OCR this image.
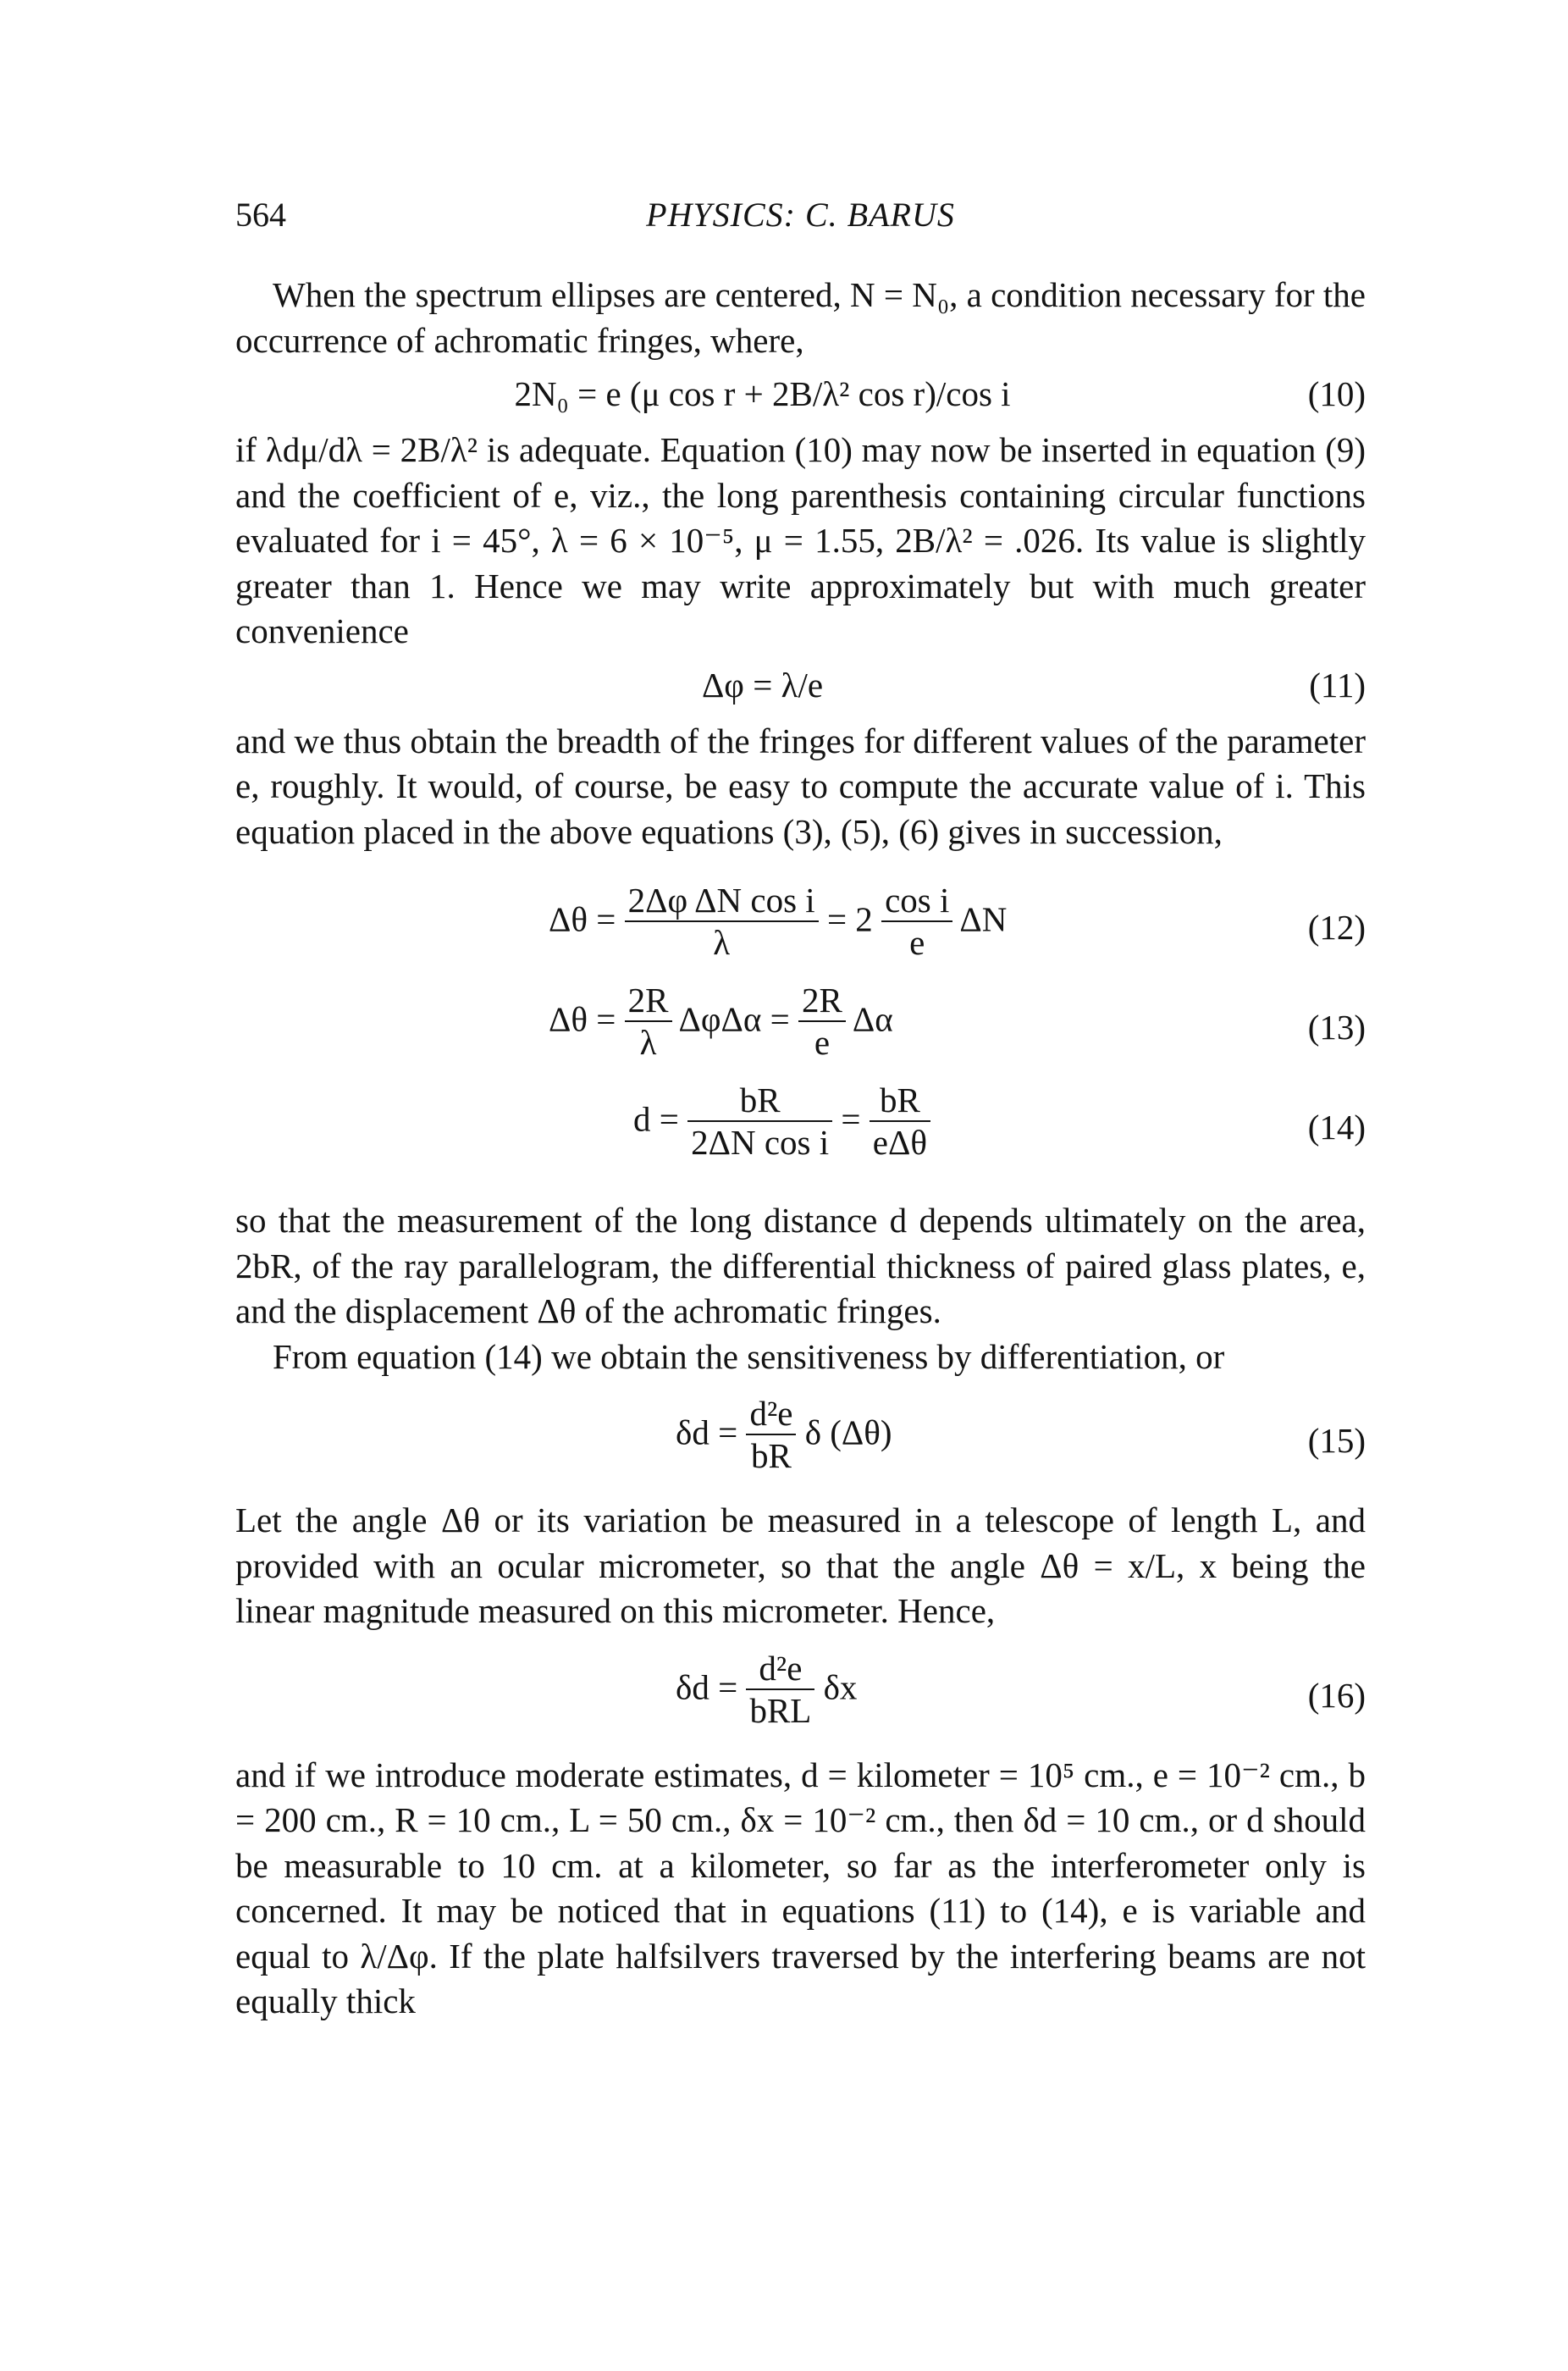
564	PHYSICS: C. BARUS

When the spectrum ellipses are centered, N = N₀, a condition necessary for the occurrence of achromatic fringes, where,

2N₀ = e (μ cos r + 2B/λ² cos r)/cos i	(10)

if λdμ/dλ = 2B/λ² is adequate. Equation (10) may now be inserted in equation (9) and the coefficient of e, viz., the long parenthesis containing circular functions evaluated for i = 45°, λ = 6 × 10⁻⁵, μ = 1.55, 2B/λ² = .026. Its value is slightly greater than 1. Hence we may write approximately but with much greater convenience

Δφ = λ/e	(11)

and we thus obtain the breadth of the fringes for different values of the parameter e, roughly. It would, of course, be easy to compute the accurate value of i. This equation placed in the above equations (3), (5), (6) gives in succession,

$\Delta\theta = \frac{\text{2Δφ ΔN cos i}}{\lambda} = 2 \frac{\text{cos i}}{e}$ ΔN	(12)
$\Delta\theta = \frac{2R}{\lambda}$ $\Delta\varphi\Delta\alpha = \frac{2R}{e}$ Δα	(13)
$d = \frac{bR}{\text{2ΔN cos i}} = \frac{bR}{\text{eΔθ}}$	(14)

so that the measurement of the long distance d depends ultimately on the area, 2bR, of the ray parallelogram, the differential thickness of paired glass plates, e, and the displacement Δθ of the achromatic fringes.

From equation (14) we obtain the sensitiveness by differentiation, or

$\delta d = \frac{\text{d²e}}{bR}$ δ (Δθ)	(15)

Let the angle Δθ or its variation be measured in a telescope of length L, and provided with an ocular micrometer, so that the angle Δθ = x/L, x being the linear magnitude measured on this micrometer. Hence,

$\delta d = \frac{\text{d²e}}{\text{bRL}}$ δx	(16)

and if we introduce moderate estimates, d = kilometer = 10⁵ cm., e = 10⁻² cm., b = 200 cm., R = 10 cm., L = 50 cm., δx = 10⁻² cm., then δd = 10 cm., or d should be measurable to 10 cm. at a kilometer, so far as the interferometer only is concerned. It may be noticed that in equations (11) to (14), e is variable and equal to λ/Δφ. If the plate halfsilvers traversed by the interfering beams are not equally thick
